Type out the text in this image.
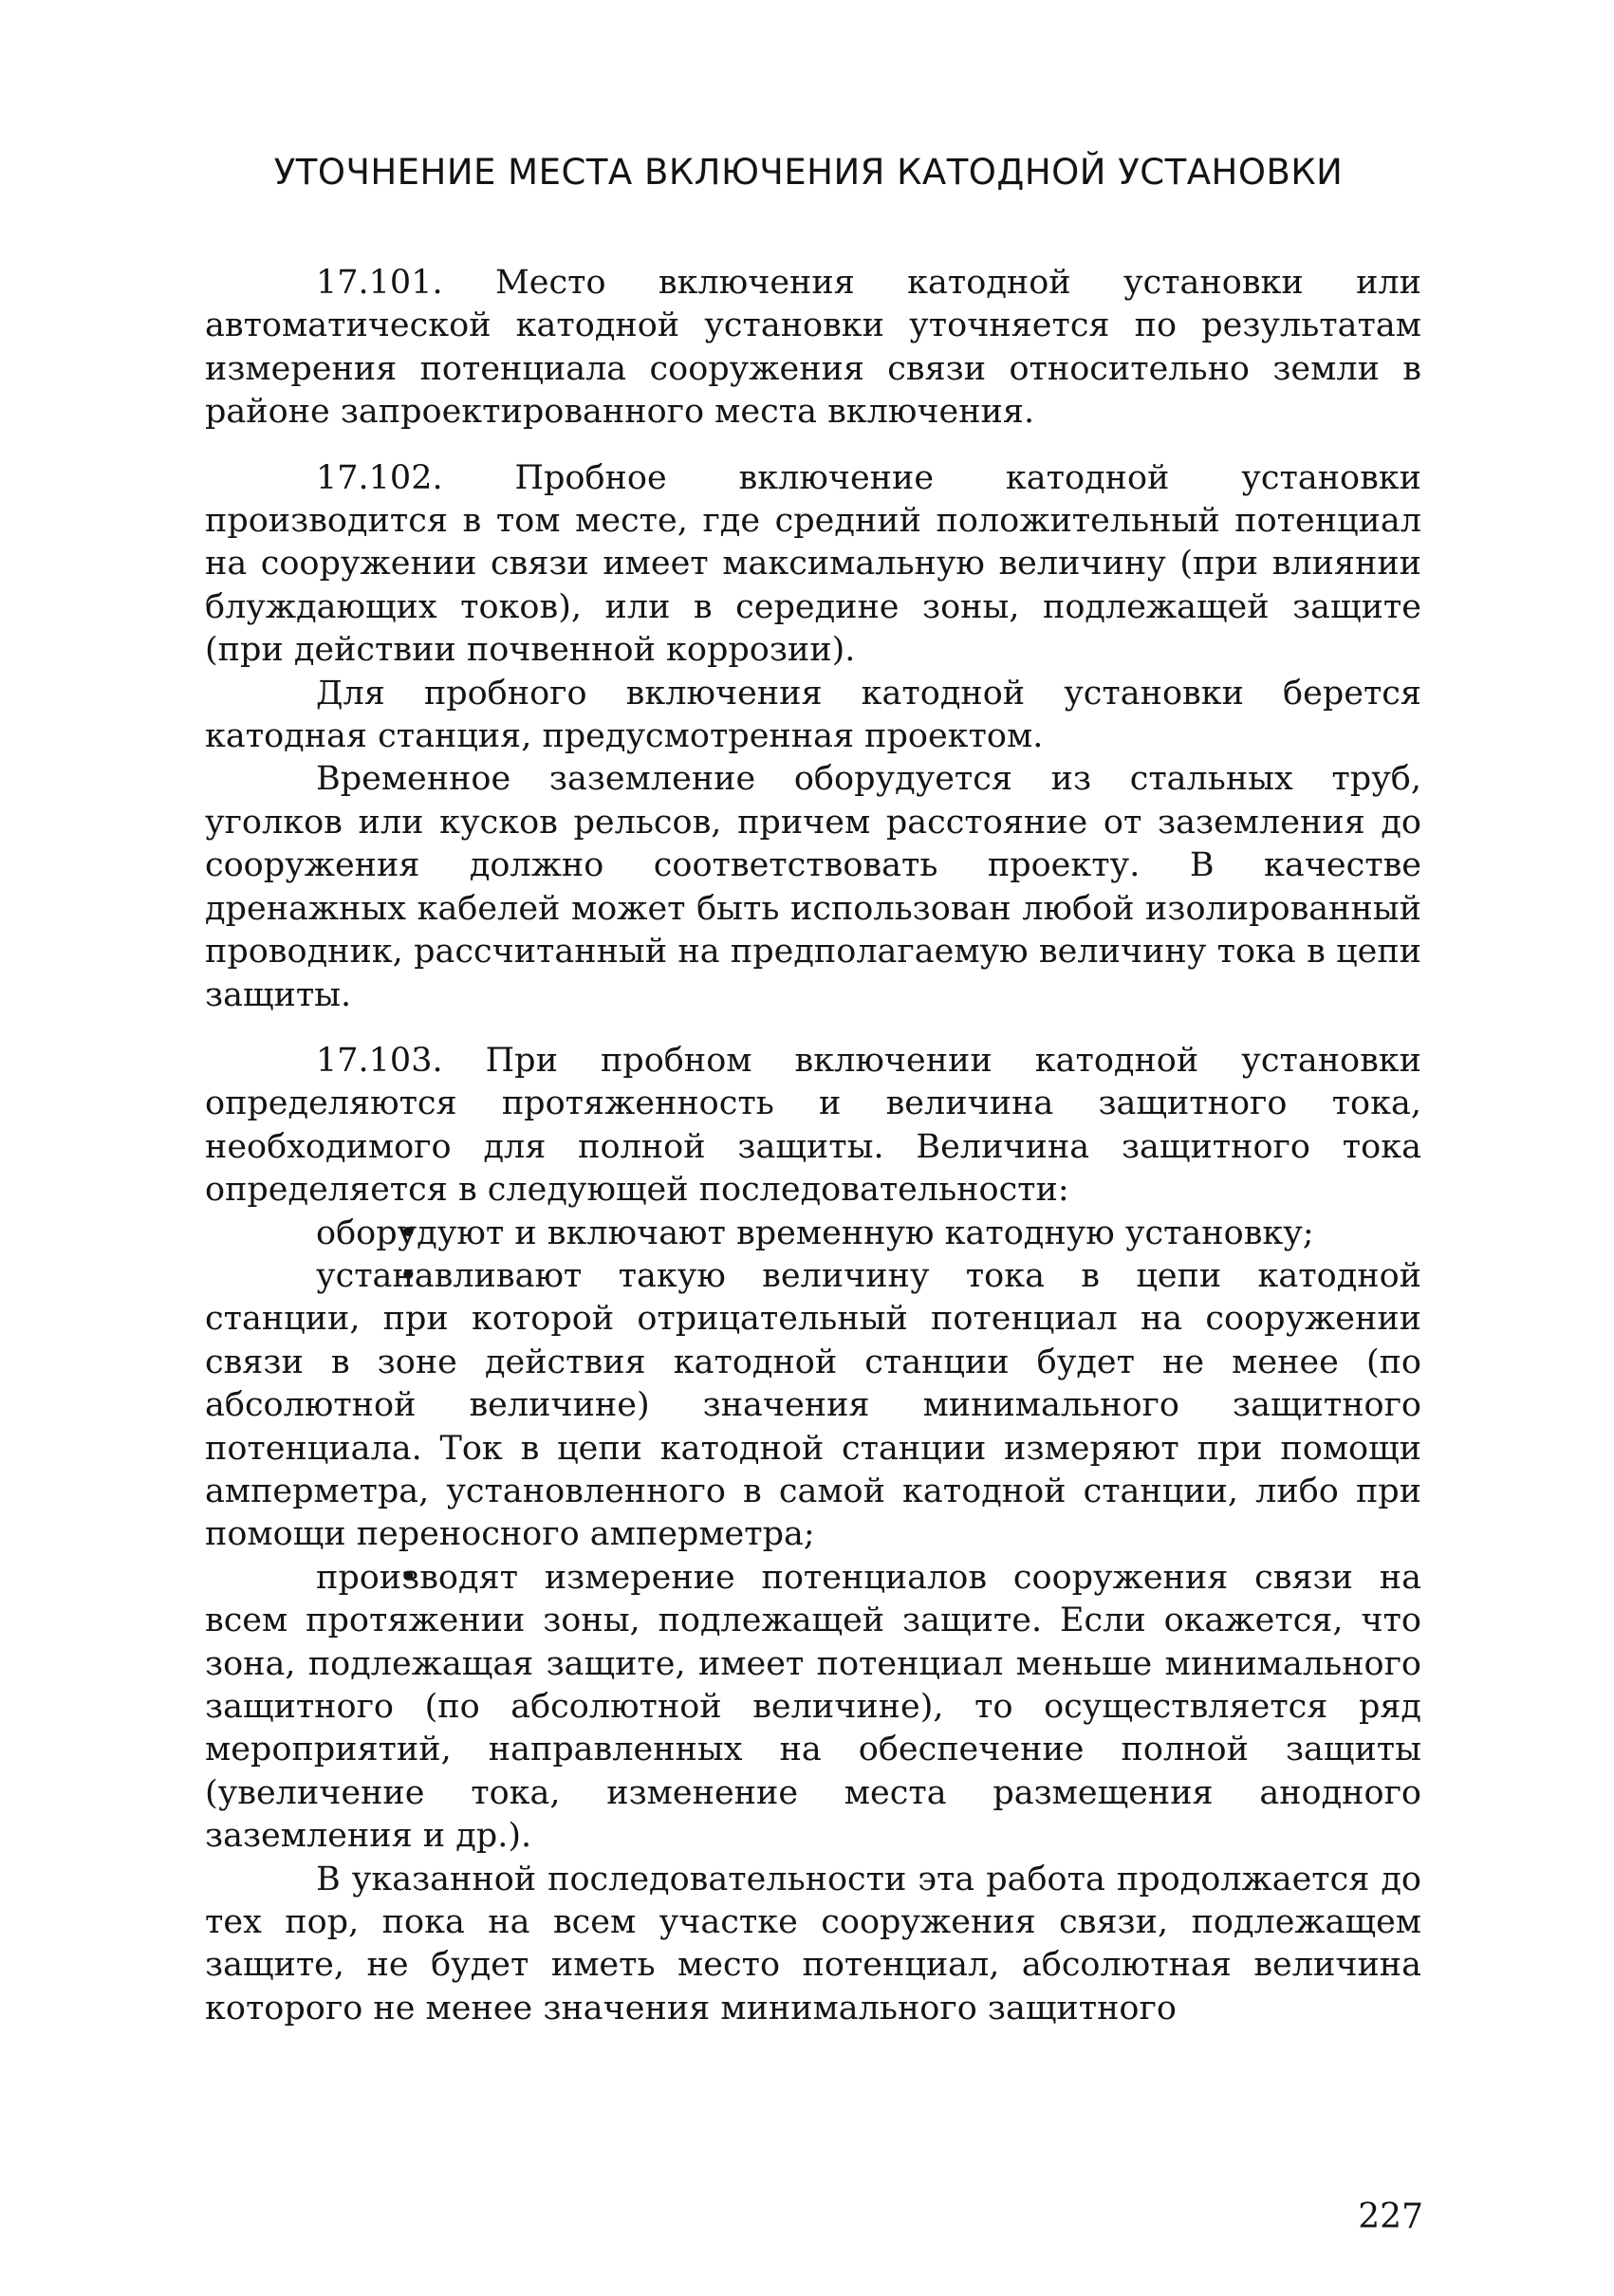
УТОЧНЕНИЕ МЕСТА ВКЛЮЧЕНИЯ КАТОДНОЙ УСТАНОВКИ

17.101. Место включения катодной установки или автоматической катодной установки уточняется по результатам измерения потенциала сооружения связи относительно земли в районе запроектированного места включения.

17.102. Пробное включение катодной установки производится в том месте, где средний положительный потенциал на сооружении связи имеет максимальную величину (при влиянии блуждающих токов), или в середине зоны, подлежащей защите (при действии почвенной коррозии).

Для пробного включения катодной установки берется катодная станция, предусмотренная проектом.

Временное заземление оборудуется из стальных труб, уголков или кусков рельсов, причем расстояние от заземления до сооружения должно соответствовать проекту. В качестве дренажных кабелей может быть использован любой изолированный проводник, рассчитанный на предполагаемую величину тока в цепи защиты.

17.103. При пробном включении катодной установки определяются протяженность и величина защитного тока, необходимого для полной защиты. Величина защитного тока определяется в следующей последовательности:

•оборудуют и включают временную катодную установку;

•устанавливают такую величину тока в цепи катодной станции, при которой отрицательный потенциал на сооружении связи в зоне действия катодной станции будет не менее (по абсолютной величине) значения минимального защитного потенциала. Ток в цепи катодной станции измеряют при помощи амперметра, установленного в самой катодной станции, либо при помощи переносного амперметра;

•производят измерение потенциалов сооружения связи на всем протяжении зоны, подлежащей защите. Если окажется, что зона, подлежащая защите, имеет потенциал меньше минимального защитного (по абсолютной величине), то осуществляется ряд мероприятий, направленных на обеспечение полной защиты (увеличение тока, изменение места размещения анодного заземления и др.).

В указанной последовательности эта работа продолжается до тех пор, пока на всем участке сооружения связи, подлежащем защите, не будет иметь место потенциал, абсолютная величина которого не менее значения минимального защитного

227
